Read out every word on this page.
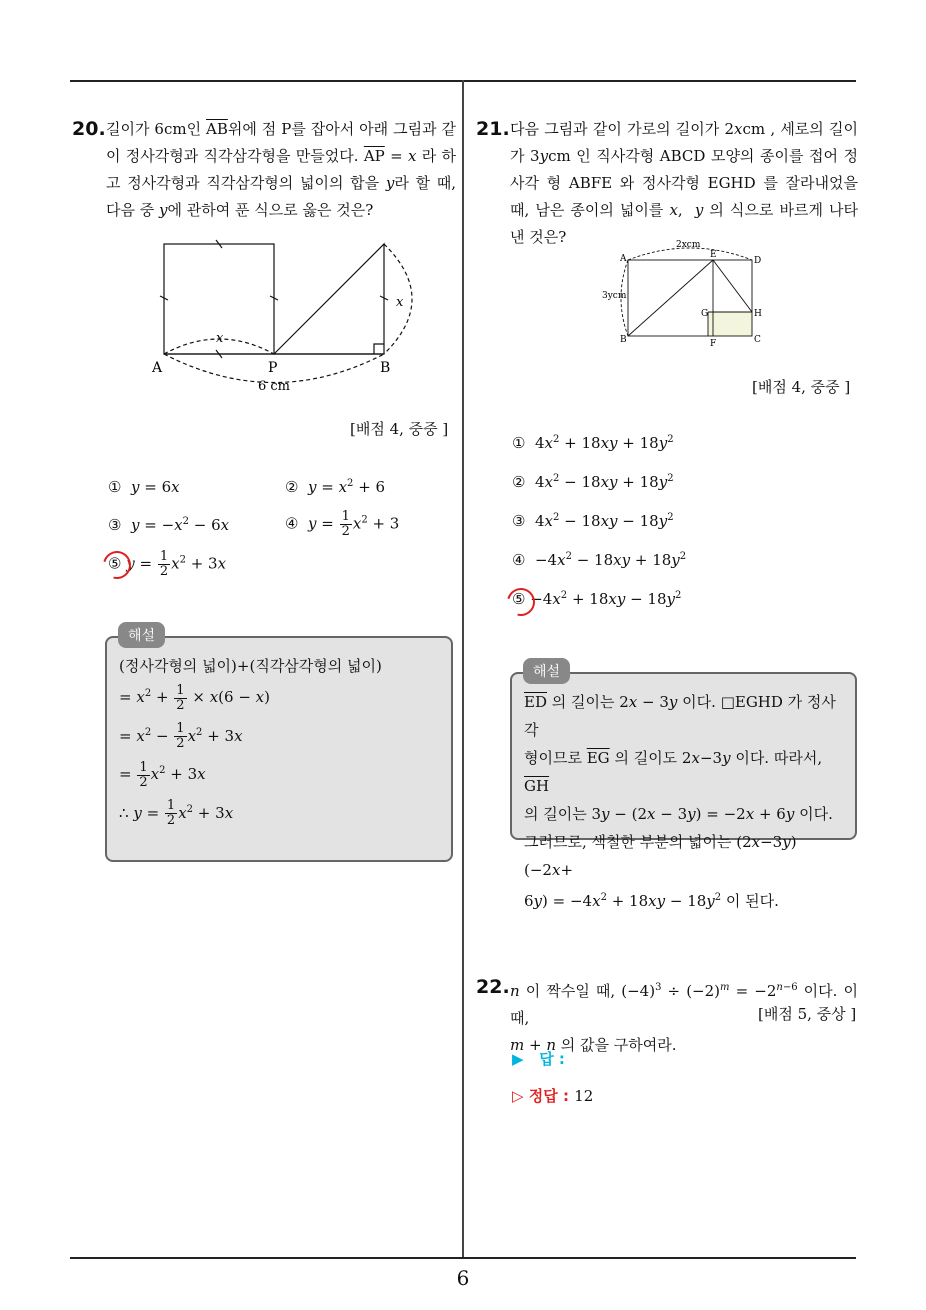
20. 길이가 6cm인 $\overline{AB}$위에 점 P를 잡아서 아래 그림과 같이 정사각형과 직각삼각형을 만들었다. $\overline{AP} = x$ 라 하고 정사각형과 직각삼각형의 넓이의 합을 y라 할 때, 다음 중 y에 관하여 푼 식으로 옳은 것은?
A	P	B
x
x
6 cm
[배점 4, 중중 ]
①  y = 6x	②  $y = x^2 + 6$
③  $y = -x^2 - 6x$	④  $y = \frac{1}{2} x^2 + 3$
⑤ $y = \frac{1}{2} x^2 + 3x$
(정사각형의 넓이)+(직각삼각형의 넓이)
= $x^2 + \frac{1}{2} \times x(6 - x)$
= $x^2 - \frac{1}{2} x^2 + 3x$
= $\frac{1}{2} x^2 + 3x$
∴ $y = \frac{1}{2} x^2 + 3x$
해설
21. 다음 그림과 같이 가로의 길이가 2xcm , 세로의 길이가 3ycm 인 직사각형 ABCD 모양의 종이를 접어 정사각 형 ABFE 와 정사각형 EGHD 를 잘라내었을 때, 남은 종이의 넓이를 x,  y 의 식으로 바르게 나타낸 것은?
A
B	C
D
E
F
G	H
2xcm
3ycm
[배점 4, 중중 ]
①  $4x^2 + 18xy + 18y^2$
②  $4x^2 - 18xy + 18y^2$
③  $4x^2 - 18xy - 18y^2$
④  $-4x^2 - 18xy + 18y^2$
⑤ $-4x^2 + 18xy - 18y^2$
$\overline{ED}$ 의 길이는 2x − 3y 이다. □EGHD 가 정사각
형이므로 $\overline{EG}$ 의 길이도 2x−3y 이다. 따라서, $\overline{GH}$
의 길이는 3y − (2x − 3y) = −2x + 6y 이다.
그러므로, 색칠한 부분의 넓이는 (2x−3y)(−2x+
$6y) = -4x^2 + 18xy - 18y^2$ 이 된다.
해설
22. n 이 짝수일 때, $(-4)^3 \div (-2)^m = -2^{n-6}$ 이다. 이 때,
m + n 의 값을 구하여라.
[배점 5, 중상 ]
▶ 답 :
▷ 정답 : 12
6
